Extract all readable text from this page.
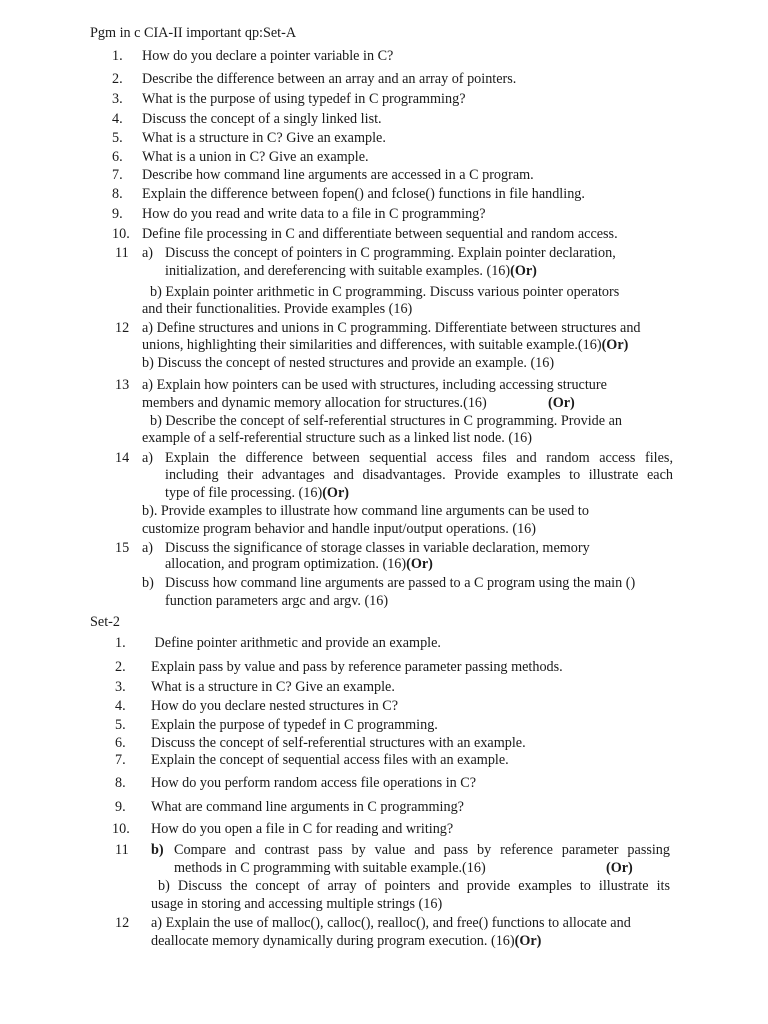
Pgm in c CIA-II important qp:Set-A
1. How do you declare a pointer variable in C?
2. Describe the difference between an array and an array of pointers.
3. What is the purpose of using typedef in C programming?
4. Discuss the concept of a singly linked list.
5. What is a structure in C? Give an example.
6. What is a union in C? Give an example.
7. Describe how command line arguments are accessed in a C program.
8. Explain the difference between fopen() and fclose() functions in file handling.
9. How do you read and write data to a file in C programming?
10. Define file processing in C and differentiate between sequential and random access.
11 a) Discuss the concept of pointers in C programming. Explain pointer declaration,
initialization, and dereferencing with suitable examples. (16)(Or)
b) Explain pointer arithmetic in C programming. Discuss various pointer operators
and their functionalities. Provide examples (16)
12 a) Define structures and unions in C programming. Differentiate between structures and
unions, highlighting their similarities and differences, with suitable example.(16)(Or)
b) Discuss the concept of nested structures and provide an example. (16)
13 a) Explain how pointers can be used with structures, including accessing structure
members and dynamic memory allocation for structures.(16)	(Or)
b) Describe the concept of self-referential structures in C programming. Provide an
example of a self-referential structure such as a linked list node. (16)
14 a) Explain the difference between sequential access files and random access files,
including their advantages and disadvantages. Provide examples to illustrate each
type of file processing. (16)(Or)
b). Provide examples to illustrate how command line arguments can be used to
customize program behavior and handle input/output operations. (16)
15 a) Discuss the significance of storage classes in variable declaration, memory
allocation, and program optimization. (16)(Or)
b) Discuss how command line arguments are passed to a C program using the main ()
function parameters argc and argv. (16)
Set-2
1. Define pointer arithmetic and provide an example.
2. Explain pass by value and pass by reference parameter passing methods.
3. What is a structure in C? Give an example.
4. How do you declare nested structures in C?
5. Explain the purpose of typedef in C programming.
6. Discuss the concept of self-referential structures with an example.
7. Explain the concept of sequential access files with an example.
8. How do you perform random access file operations in C?
9. What are command line arguments in C programming?
10. How do you open a file in C for reading and writing?
11 b) Compare and contrast pass by value and pass by reference parameter passing
methods in C programming with suitable example.(16)	(Or)
b) Discuss the concept of array of pointers and provide examples to illustrate its
usage in storing and accessing multiple strings (16)
12 a) Explain the use of malloc(), calloc(), realloc(), and free() functions to allocate and
deallocate memory dynamically during program execution. (16)(Or)
